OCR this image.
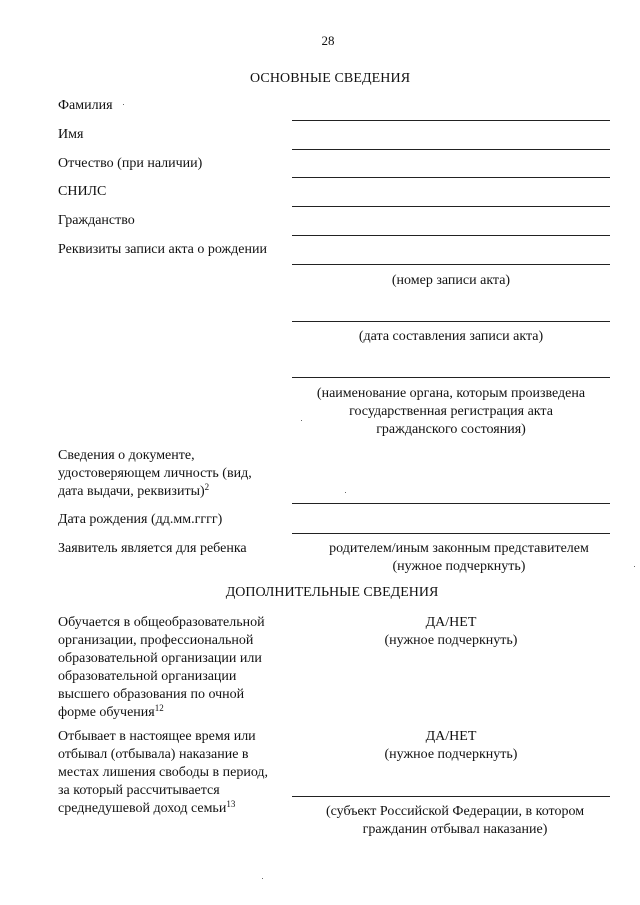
28
ОСНОВНЫЕ СВЕДЕНИЯ
Фамилия
Имя
Отчество (при наличии)
СНИЛС
Гражданство
Реквизиты записи акта о рождении
(номер записи акта)
(дата составления записи акта)
(наименование органа, которым произведена
государственная регистрация акта
гражданского состояния)
Сведения о документе,
удостоверяющем личность (вид,
дата выдачи, реквизиты)$^2$
Дата рождения (дд.мм.гггг)
Заявитель является для ребенка	родителем/иным законным представителем
(нужное подчеркнуть)
ДОПОЛНИТЕЛЬНЫЕ СВЕДЕНИЯ
Обучается в общеобразовательной
организации, профессиональной
образовательной организации или
образовательной организации
высшего образования по очной
форме обучения$^{12}$
ДА/НЕТ
(нужное подчеркнуть)
Отбывает в настоящее время или
отбывал (отбывала) наказание в
местах лишения свободы в период,
за который рассчитывается
среднедушевой доход семьи$^{13}$
ДА/НЕТ
(нужное подчеркнуть)
(субъект Российской Федерации, в котором
гражданин отбывал наказание)
